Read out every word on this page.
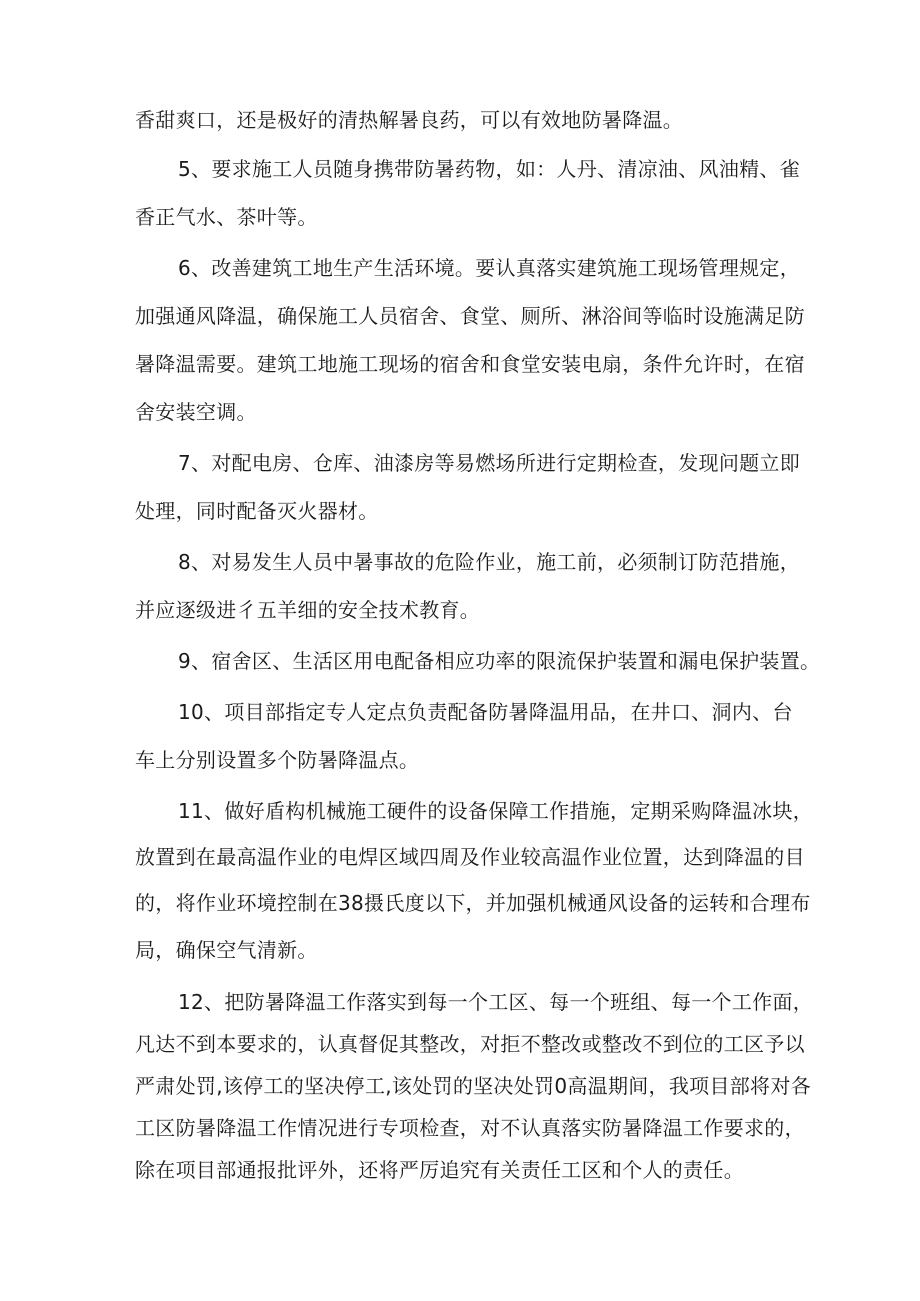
香甜爽口，还是极好的清热解暑良药，可以有效地防暑降温。
5、要求施工人员随身携带防暑药物，如：人丹、清凉油、风油精、雀
香正气水、茶叶等。
6、改善建筑工地生产生活环境。要认真落实建筑施工现场管理规定，
加强通风降温，确保施工人员宿舍、食堂、厕所、淋浴间等临时设施满足防
暑降温需要。建筑工地施工现场的宿舍和食堂安装电扇，条件允许时，在宿
舍安装空调。
7、对配电房、仓库、油漆房等易燃场所进行定期检查，发现问题立即
处理，同时配备灭火器材。
8、对易发生人员中暑事故的危险作业，施工前，必须制订防范措施，
并应逐级进彳五羊细的安全技术教育。
9、宿舍区、生活区用电配备相应功率的限流保护装置和漏电保护装置。
10、项目部指定专人定点负责配备防暑降温用品，在井口、洞内、台
车上分别设置多个防暑降温点。
11、做好盾构机械施工硬件的设备保障工作措施，定期采购降温冰块，
放置到在最高温作业的电焊区域四周及作业较高温作业位置，达到降温的目
的，将作业环境控制在38摄氏度以下，并加强机械通风设备的运转和合理布
局，确保空气清新。
12、把防暑降温工作落实到每一个工区、每一个班组、每一个工作面，
凡达不到本要求的，认真督促其整改，对拒不整改或整改不到位的工区予以
严肃处罚,该停工的坚决停工,该处罚的坚决处罚0高温期间，我项目部将对各
工区防暑降温工作情况进行专项检查，对不认真落实防暑降温工作要求的，
除在项目部通报批评外，还将严厉追究有关责任工区和个人的责任。
